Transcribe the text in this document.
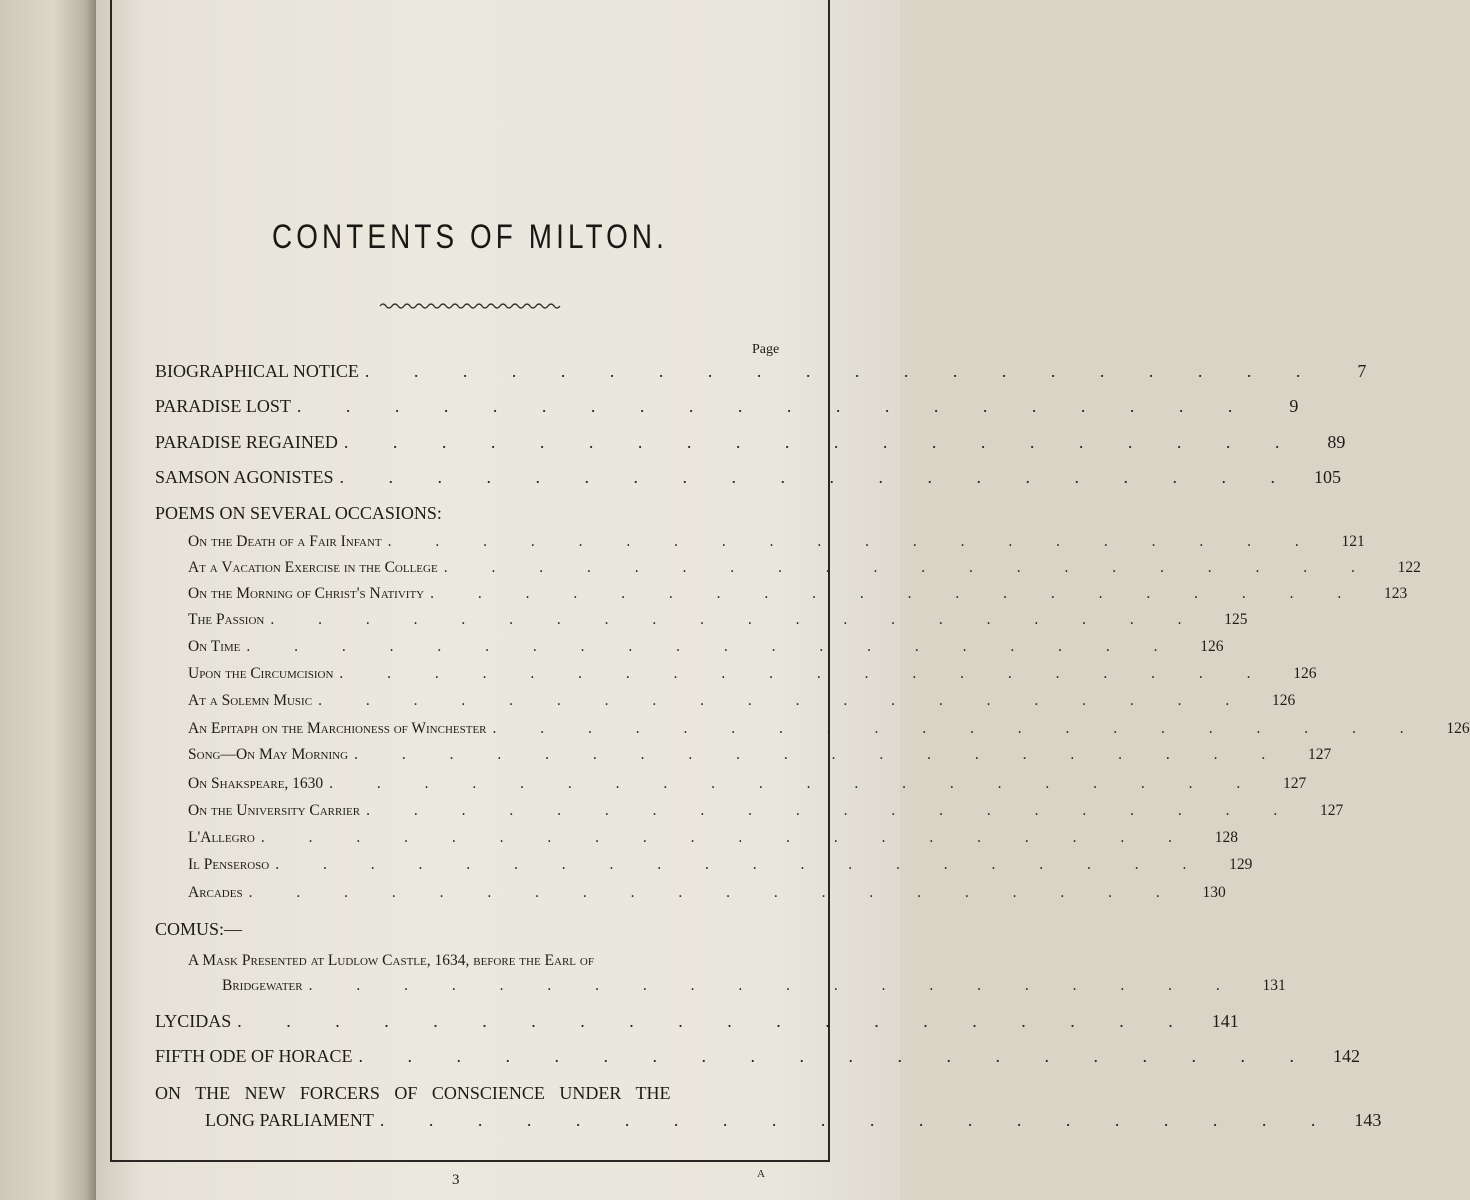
CONTENTS OF MILTON.
Page
BIOGRAPHICAL NOTICE . . . . . . . . . . . . . . . . . . . .	7
PARADISE LOST . . . . . . . . . . . . . . . . . . . .	9
PARADISE REGAINED . . . . . . . . . . . . . . . . . . . .	89
SAMSON AGONISTES . . . . . . . . . . . . . . . . . . . .	105
POEMS ON SEVERAL OCCASIONS:
On the Death of a Fair Infant . . . . . . . . . . . . . . . . . . . .	121
At a Vacation Exercise in the College . . . . . . . . . . . . . . . . . . . .	122
On the Morning of Christ's Nativity . . . . . . . . . . . . . . . . . . . .	123
The Passion . . . . . . . . . . . . . . . . . . . .	125
On Time . . . . . . . . . . . . . . . . . . . .	126
Upon the Circumcision . . . . . . . . . . . . . . . . . . . .	126
At a Solemn Music . . . . . . . . . . . . . . . . . . . .	126
An Epitaph on the Marchioness of Winchester . . . . . . . . . . . . . . . . . . . .	126
Song—On May Morning . . . . . . . . . . . . . . . . . . . .	127
On Shakspeare, 1630 . . . . . . . . . . . . . . . . . . . .	127
On the University Carrier . . . . . . . . . . . . . . . . . . . .	127
L'Allegro . . . . . . . . . . . . . . . . . . . .	128
Il Penseroso . . . . . . . . . . . . . . . . . . . .	129
Arcades . . . . . . . . . . . . . . . . . . . .	130
COMUS:—
A Mask Presented at Ludlow Castle, 1634, before the Earl of
Bridgewater . . . . . . . . . . . . . . . . . . . .	131
LYCIDAS . . . . . . . . . . . . . . . . . . . .	141
FIFTH ODE OF HORACE . . . . . . . . . . . . . . . . . . . .	142
ON THE NEW FORCERS OF CONSCIENCE UNDER THE
LONG PARLIAMENT . . . . . . . . . . . . . . . . . . . .	143
3	A
